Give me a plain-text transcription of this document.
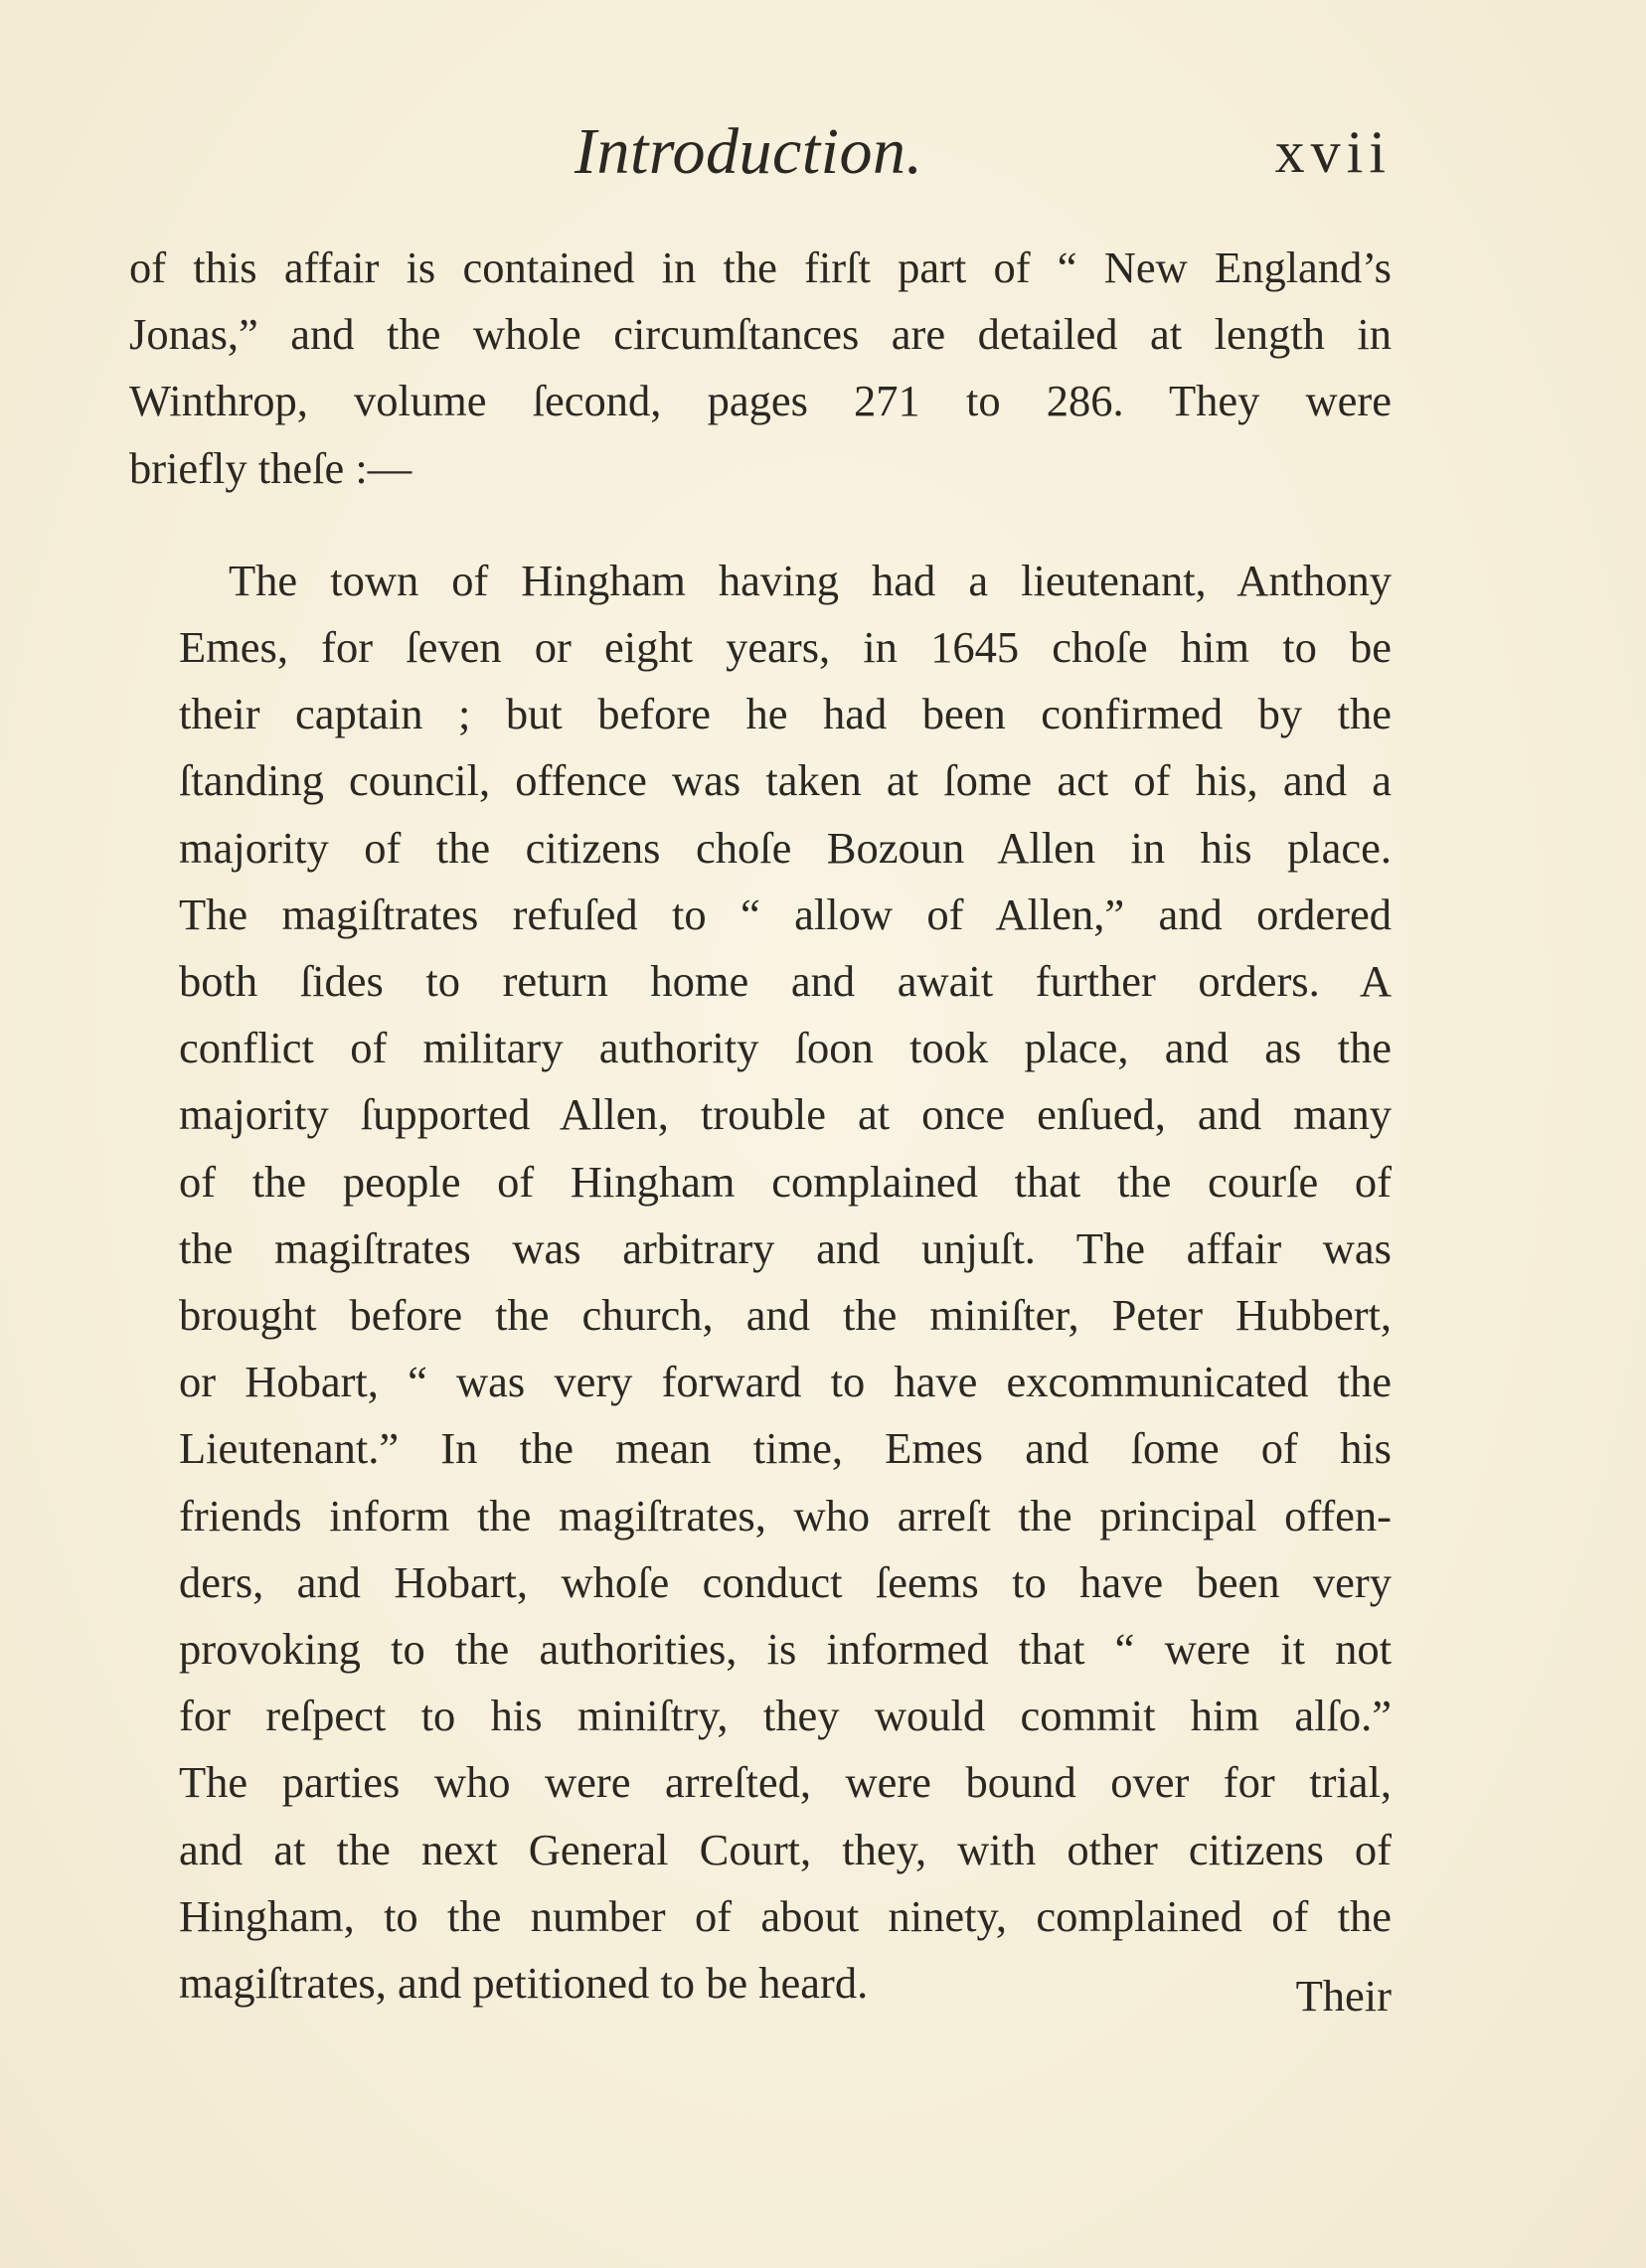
Introduction.	xvii

of this affair is contained in the firſt part of “ New England’s
Jonas,” and the whole circumſtances are detailed at length in
Winthrop, volume ſecond, pages 271 to 286. They were
briefly theſe :—

The town of Hingham having had a lieutenant, Anthony
Emes, for ſeven or eight years, in 1645 choſe him to be
their captain ; but before he had been confirmed by the
ſtanding council, offence was taken at ſome act of his, and a
majority of the citizens choſe Bozoun Allen in his place.
The magiſtrates refuſed to “ allow of Allen,” and ordered
both ſides to return home and await further orders. A
conflict of military authority ſoon took place, and as the
majority ſupported Allen, trouble at once enſued, and many
of the people of Hingham complained that the courſe of
the magiſtrates was arbitrary and unjuſt. The affair was
brought before the church, and the miniſter, Peter Hubbert,
or Hobart, “ was very forward to have excommunicated the
Lieutenant.” In the mean time, Emes and ſome of his
friends inform the magiſtrates, who arreſt the principal offen-
ders, and Hobart, whoſe conduct ſeems to have been very
provoking to the authorities, is informed that “ were it not
for reſpect to his miniſtry, they would commit him alſo.”
The parties who were arreſted, were bound over for trial,
and at the next General Court, they, with other citizens of
Hingham, to the number of about ninety, complained of the
magiſtrates, and petitioned to be heard.	Their
